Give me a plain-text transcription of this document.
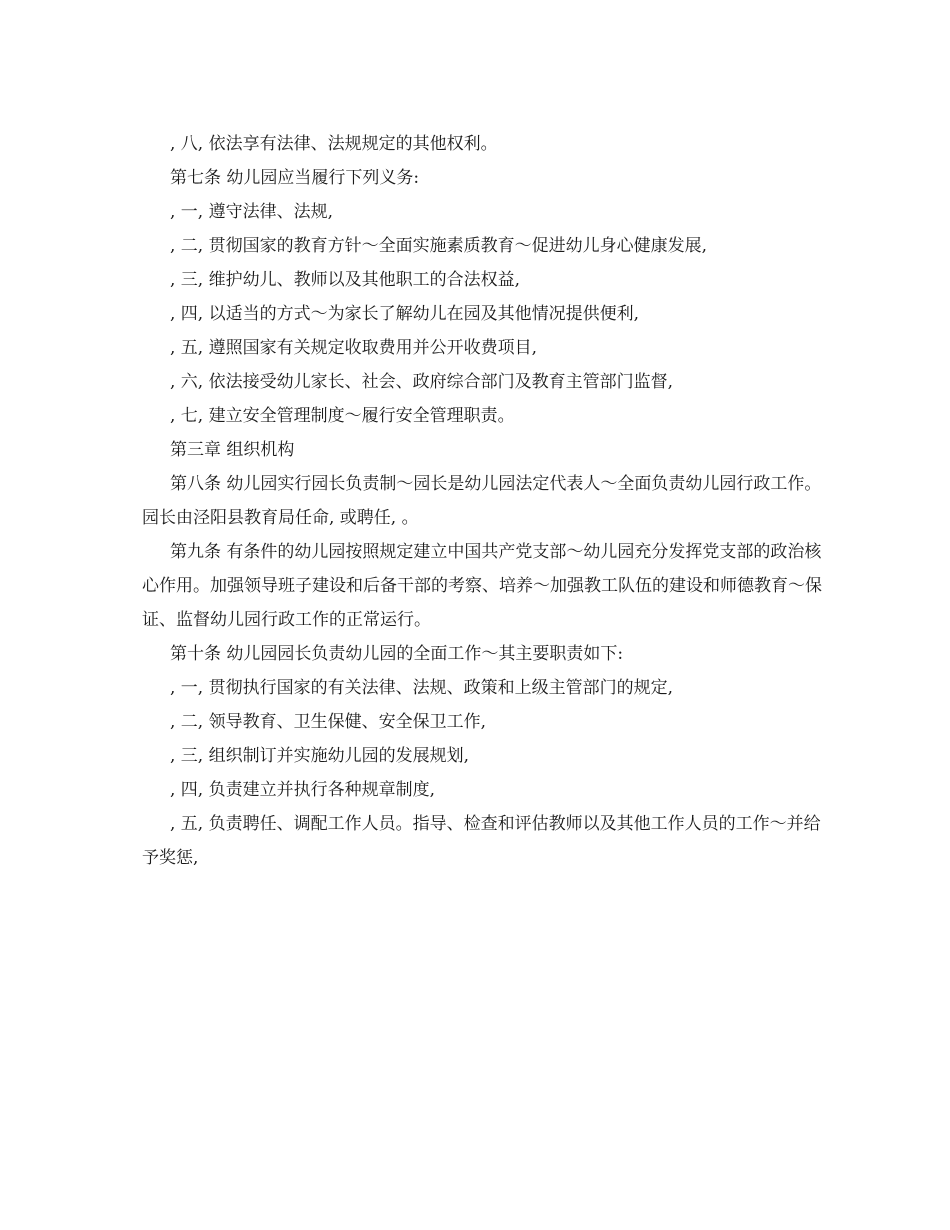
, 八, 依法享有法律、法规规定的其他权利。

第七条 幼儿园应当履行下列义务:

, 一, 遵守法律、法规,

, 二, 贯彻国家的教育方针～全面实施素质教育～促进幼儿身心健康发展,

, 三, 维护幼儿、教师以及其他职工的合法权益,

, 四, 以适当的方式～为家长了解幼儿在园及其他情况提供便利,

, 五, 遵照国家有关规定收取费用并公开收费项目,

, 六, 依法接受幼儿家长、社会、政府综合部门及教育主管部门监督,

, 七, 建立安全管理制度～履行安全管理职责。

第三章 组织机构

第八条 幼儿园实行园长负责制～园长是幼儿园法定代表人～全面负责幼儿园行政工作。园长由泾阳县教育局任命, 或聘任, 。

第九条 有条件的幼儿园按照规定建立中国共产党支部～幼儿园充分发挥党支部的政治核心作用。加强领导班子建设和后备干部的考察、培养～加强教工队伍的建设和师德教育～保证、监督幼儿园行政工作的正常运行。

第十条 幼儿园园长负责幼儿园的全面工作～其主要职责如下:

, 一, 贯彻执行国家的有关法律、法规、政策和上级主管部门的规定,

, 二, 领导教育、卫生保健、安全保卫工作,

, 三, 组织制订并实施幼儿园的发展规划,

, 四, 负责建立并执行各种规章制度,

, 五, 负责聘任、调配工作人员。指导、检查和评估教师以及其他工作人员的工作～并给予奖惩,
